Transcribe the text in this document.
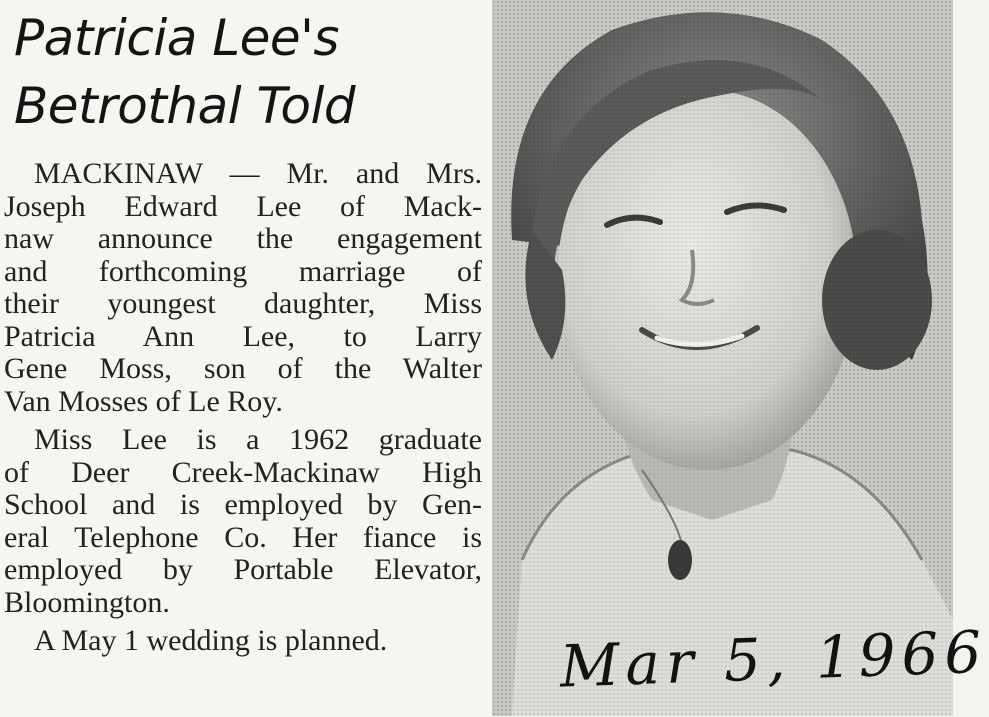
Patricia Lee's
Betrothal Told
MACKINAW — Mr. and Mrs.
Joseph Edward Lee of Mack-
naw announce the engagement
and forthcoming marriage of
their youngest daughter, Miss
Patricia Ann Lee, to Larry
Gene Moss, son of the Walter
Van Mosses of Le Roy.
Miss Lee is a 1962 graduate
of Deer Creek-Mackinaw High
School and is employed by Gen-
eral Telephone Co. Her fiance is
employed by Portable Elevator,
Bloomington.
A May 1 wedding is planned.	Mar 5, 1966
